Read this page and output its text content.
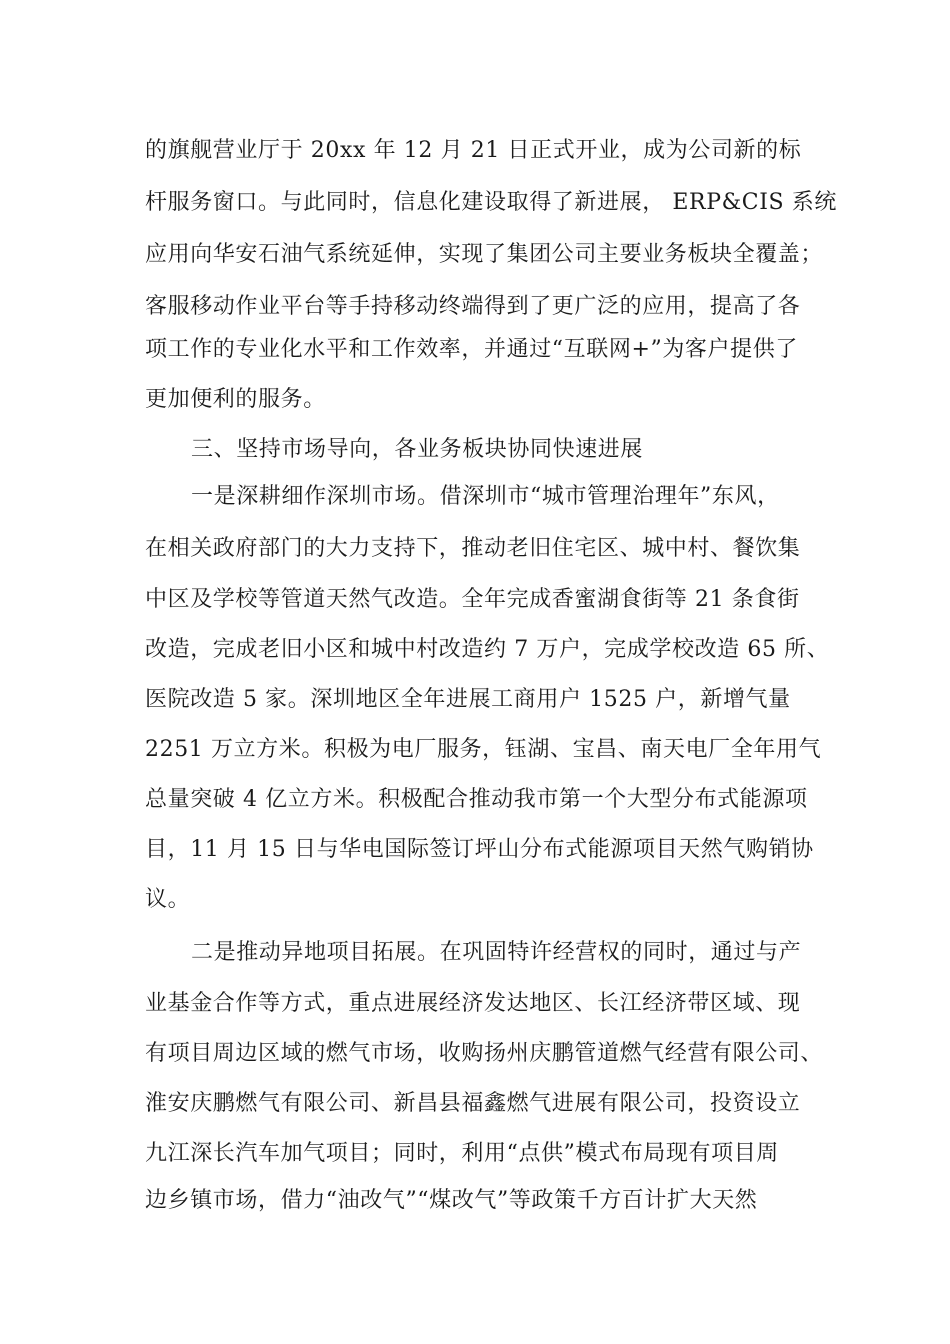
的旗舰营业厅于 20xx 年 12 月 21 日正式开业，成为公司新的标
杆服务窗口。与此同时，信息化建设取得了新进展， ERP&CIS 系统
应用向华安石油气系统延伸，实现了集团公司主要业务板块全覆盖；
客服移动作业平台等手持移动终端得到了更广泛的应用，提高了各
项工作的专业化水平和工作效率，并通过“互联网+”为客户提供了
更加便利的服务。
三、坚持市场导向，各业务板块协同快速进展
一是深耕细作深圳市场。借深圳市“城市管理治理年”东风，
在相关政府部门的大力支持下，推动老旧住宅区、城中村、餐饮集
中区及学校等管道天然气改造。全年完成香蜜湖食街等 21 条食街
改造，完成老旧小区和城中村改造约 7 万户，完成学校改造 65 所、
医院改造 5 家。深圳地区全年进展工商用户 1525 户，新增气量
2251 万立方米。积极为电厂服务，钰湖、宝昌、南天电厂全年用气
总量突破 4 亿立方米。积极配合推动我市第一个大型分布式能源项
目，11 月 15 日与华电国际签订坪山分布式能源项目天然气购销协
议。
二是推动异地项目拓展。在巩固特许经营权的同时，通过与产
业基金合作等方式，重点进展经济发达地区、长江经济带区域、现
有项目周边区域的燃气市场，收购扬州庆鹏管道燃气经营有限公司、
淮安庆鹏燃气有限公司、新昌县福鑫燃气进展有限公司，投资设立
九江深长汽车加气项目；同时，利用“点供”模式布局现有项目周
边乡镇市场，借力“油改气”“煤改气”等政策千方百计扩大天然
